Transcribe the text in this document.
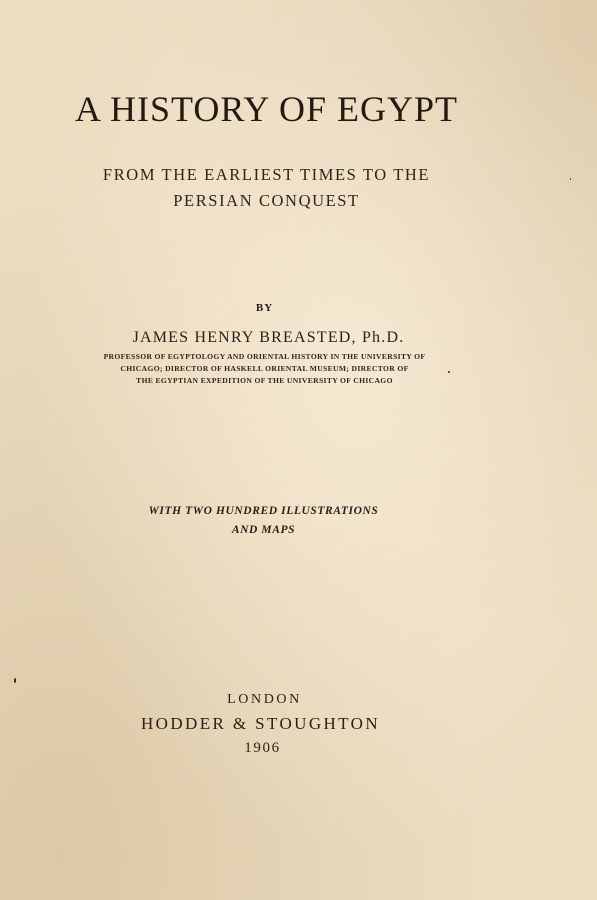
A HISTORY OF EGYPT
FROM THE EARLIEST TIMES TO THE
PERSIAN CONQUEST
BY
JAMES HENRY BREASTED, Ph.D.
PROFESSOR OF EGYPTOLOGY AND ORIENTAL HISTORY IN THE UNIVERSITY OF
CHICAGO; DIRECTOR OF HASKELL ORIENTAL MUSEUM; DIRECTOR OF
THE EGYPTIAN EXPEDITION OF THE UNIVERSITY OF CHICAGO
WITH TWO HUNDRED ILLUSTRATIONS
AND MAPS
LONDON
HODDER & STOUGHTON
1906
